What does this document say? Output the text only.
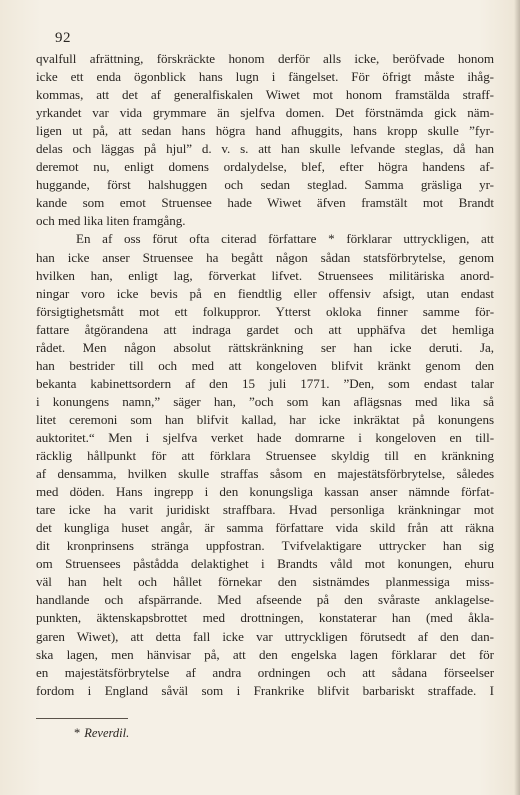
92
qvalfull afrättning, förskräckte honom derför alls icke, beröfvade honom
icke ett enda ögonblick hans lugn i fängelset. För öfrigt måste ihåg-
kommas, att det af generalfiskalen Wiwet mot honom framstälda straff-
yrkandet var vida grymmare än sjelfva domen. Det förstnämda gick näm-
ligen ut på, att sedan hans högra hand afhuggits, hans kropp skulle ”fyr-
delas och läggas på hjul” d. v. s. att han skulle lefvande steglas, då han
deremot nu, enligt domens ordalydelse, blef, efter högra handens af-
huggande, först halshuggen och sedan steglad. Samma gräsliga yr-
kande som emot Struensee hade Wiwet äfven framstält mot Brandt
och med lika liten framgång.
En af oss förut ofta citerad författare * förklarar uttryckligen, att
han icke anser Struensee ha begått någon sådan statsförbrytelse, genom
hvilken han, enligt lag, förverkat lifvet. Struensees militäriska anord-
ningar voro icke bevis på en fiendtlig eller offensiv afsigt, utan endast
försigtighetsmått mot ett folkuppror. Ytterst okloka finner samme för-
fattare åtgörandena att indraga gardet och att upphäfva det hemliga
rådet. Men någon absolut rättskränkning ser han icke deruti. Ja,
han bestrider till och med att kongeloven blifvit kränkt genom den
bekanta kabinettsordern af den 15 juli 1771. ”Den, som endast talar
i konungens namn,” säger han, ”och som kan aflägsnas med lika så
litet ceremoni som han blifvit kallad, har icke inkräktat på konungens
auktoritet.“ Men i sjelfva verket hade domrarne i kongeloven en till-
räcklig hållpunkt för att förklara Struensee skyldig till en kränkning
af densamma, hvilken skulle straffas såsom en majestätsförbrytelse, således
med döden. Hans ingrepp i den konungsliga kassan anser nämnde förfat-
tare icke ha varit juridiskt straffbara. Hvad personliga kränkningar mot
det kungliga huset angår, är samma författare vida skild från att räkna
dit kronprinsens stränga uppfostran. Tvifvelaktigare uttrycker han sig
om Struensees påstådda delaktighet i Brandts våld mot konungen, ehuru
väl han helt och hållet förnekar den sistnämdes planmessiga miss-
handlande och afspärrande. Med afseende på den svåraste anklagelse-
punkten, äktenskapsbrottet med drottningen, konstaterar han (med åkla-
garen Wiwet), att detta fall icke var uttryckligen förutsedt af den dan-
ska lagen, men hänvisar på, att den engelska lagen förklarar det för
en majestätsförbrytelse af andra ordningen och att sådana förseelser
fordom i England såväl som i Frankrike blifvit barbariskt straffade. I
* Reverdil.
